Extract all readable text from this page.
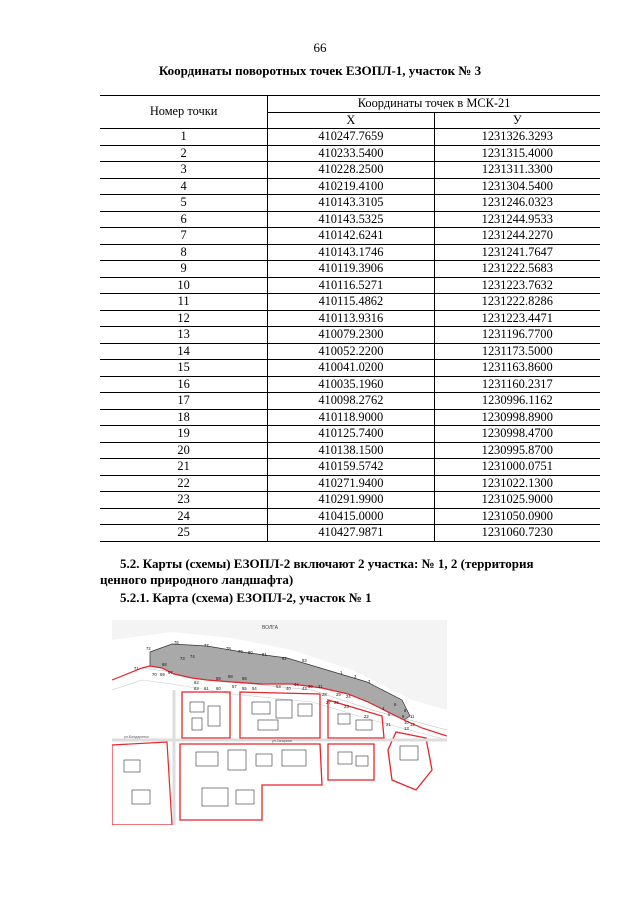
66
Координаты поворотных точек ЕЗОПЛ-1, участок № 3
Номер точки	Координаты точек в МСК-21	
	X	У
1	410247.7659	1231326.3293
2	410233.5400	1231315.4000
3	410228.2500	1231311.3300
4	410219.4100	1231304.5400
5	410143.3105	1231246.0323
6	410143.5325	1231244.9533
7	410142.6241	1231244.2270
8	410143.1746	1231241.7647
9	410119.3906	1231222.5683
10	410116.5271	1231223.7632
11	410115.4862	1231222.8286
12	410113.9316	1231223.4471
13	410079.2300	1231196.7700
14	410052.2200	1231173.5000
15	410041.0200	1231163.8600
16	410035.1960	1231160.2317
17	410098.2762	1230996.1162
18	410118.9000	1230998.8900
19	410125.7400	1230998.4700
20	410138.1500	1230995.8700
21	410159.5742	1231000.0751
22	410271.9400	1231022.1300
23	410291.9900	1231025.9000
24	410415.0000	1231050.0900
25	410427.9871	1231060.7230
5.2. Карты (схемы) ЕЗОПЛ-2 включают 2 участка: № 1, 2 (территория
ценного природного ландшафта)
5.2.1. Карта (схема) ЕЗОПЛ-2, участок № 1
ВОЛГА
ул.Бондаренко
ул.Гагарина
76
77
78
79 80 81
82	83
1
2
3
72
73 74
71
68
70 69 67
62
63 61
59 58 56
60	57 55 54	53 40
44
43 30 31
28 25 24
26
23
27
22
6
4
5
8
9 11
10 12
13
21
